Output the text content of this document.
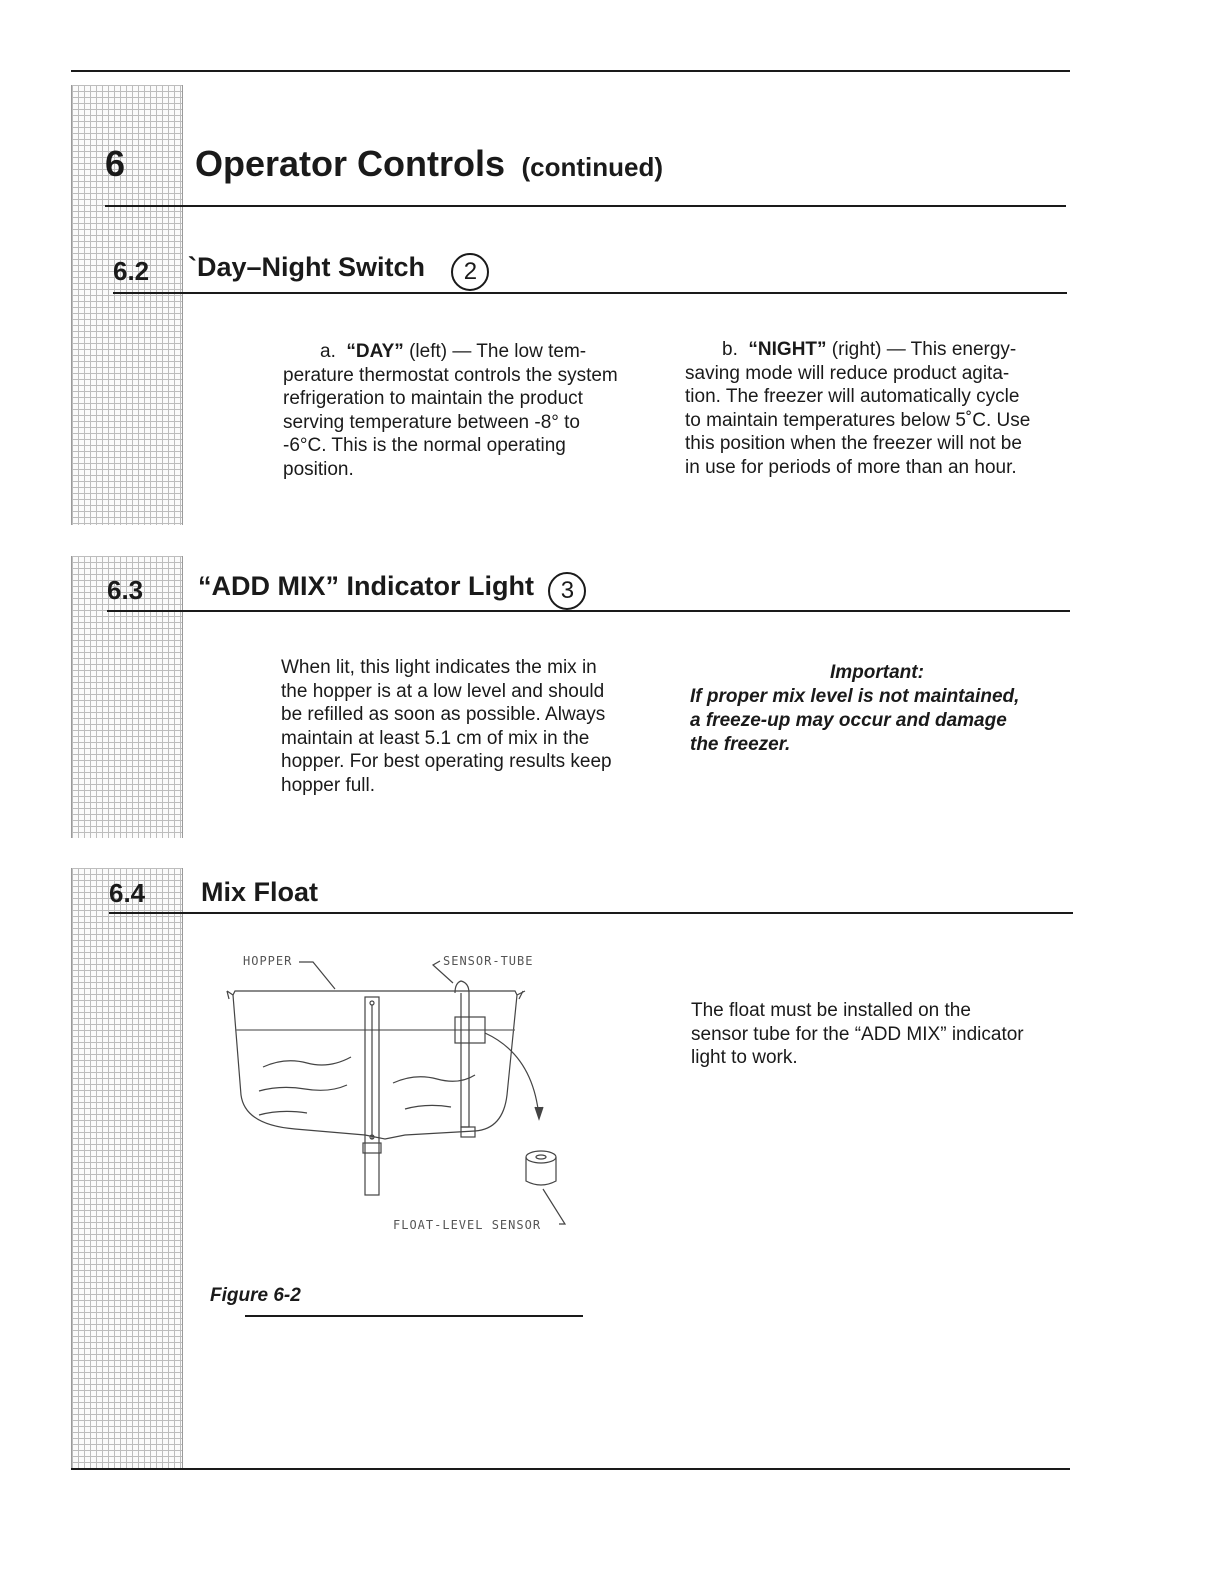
6 Operator Controls (continued)
6.2 `Day–Night Switch 2
a. “DAY” (left) — The low tem-
perature thermostat controls the system
refrigeration to maintain the product
serving temperature between -8° to
-6°C. This is the normal operating
position.
b. “NIGHT” (right) — This energy-
saving mode will reduce product agita-
tion. The freezer will automatically cycle
to maintain temperatures below 5˚C. Use
this position when the freezer will not be
in use for periods of more than an hour.
6.3 “ADD MIX” Indicator Light 3
When lit, this light indicates the mix in
the hopper is at a low level and should
be refilled as soon as possible. Always
maintain at least 5.1 cm of mix in the
hopper. For best operating results keep
hopper full.
Important:
If proper mix level is not maintained,
a freeze-up may occur and damage
the freezer.
6.4 Mix Float
HOPPER	SENSOR-TUBE
FLOAT-LEVEL SENSOR
Figure 6-2
The float must be installed on the
sensor tube for the “ADD MIX” indicator
light to work.
